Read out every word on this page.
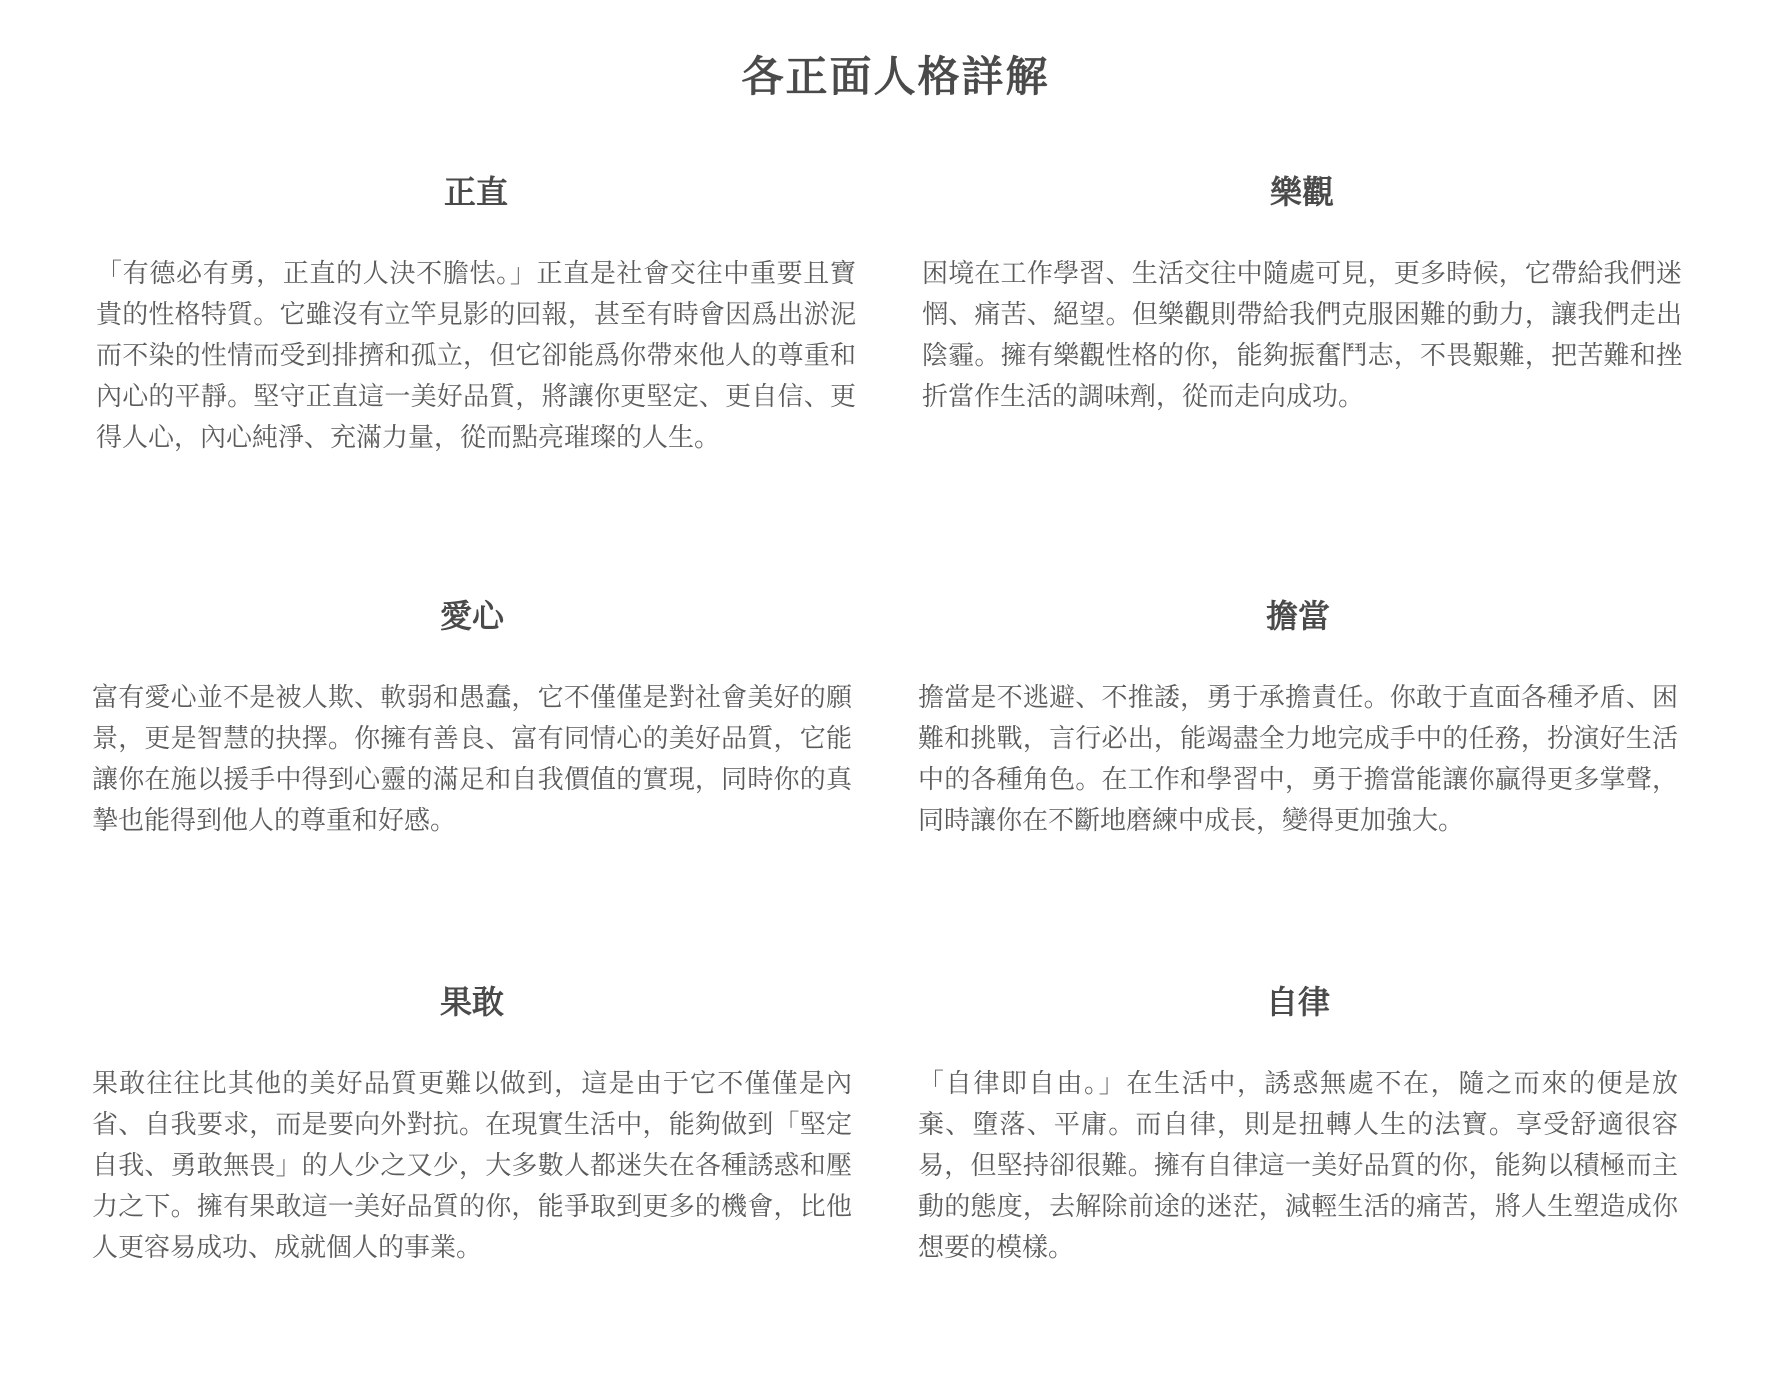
各正面人格詳解
正直

「有德必有勇，正直的人決不膽怯。」正直是社會交往中重要且寶貴的性格特質。它雖沒有立竿見影的回報，甚至有時會因爲出淤泥而不染的性情而受到排擠和孤立，但它卻能爲你帶來他人的尊重和內心的平靜。堅守正直這一美好品質，將讓你更堅定、更自信、更得人心，內心純淨、充滿力量，從而點亮璀璨的人生。

樂觀

困境在工作學習、生活交往中隨處可見，更多時候，它帶給我們迷惘、痛苦、絕望。但樂觀則帶給我們克服困難的動力，讓我們走出陰霾。擁有樂觀性格的你，能夠振奮鬥志，不畏艱難，把苦難和挫折當作生活的調味劑，從而走向成功。

愛心

富有愛心並不是被人欺、軟弱和愚蠢，它不僅僅是對社會美好的願景，更是智慧的抉擇。你擁有善良、富有同情心的美好品質，它能讓你在施以援手中得到心靈的滿足和自我價值的實現，同時你的真摯也能得到他人的尊重和好感。

擔當

擔當是不逃避、不推諉，勇于承擔責任。你敢于直面各種矛盾、困難和挑戰，言行必出，能竭盡全力地完成手中的任務，扮演好生活中的各種角色。在工作和學習中，勇于擔當能讓你贏得更多掌聲，同時讓你在不斷地磨練中成長，變得更加強大。

果敢

果敢往往比其他的美好品質更難以做到，這是由于它不僅僅是內省、自我要求，而是要向外對抗。在現實生活中，能夠做到「堅定自我、勇敢無畏」的人少之又少，大多數人都迷失在各種誘惑和壓力之下。擁有果敢這一美好品質的你，能爭取到更多的機會，比他人更容易成功、成就個人的事業。

自律

「自律即自由。」在生活中，誘惑無處不在，隨之而來的便是放棄、墮落、平庸。而自律，則是扭轉人生的法寶。享受舒適很容易，但堅持卻很難。擁有自律這一美好品質的你，能夠以積極而主動的態度，去解除前途的迷茫，減輕生活的痛苦，將人生塑造成你想要的模樣。
